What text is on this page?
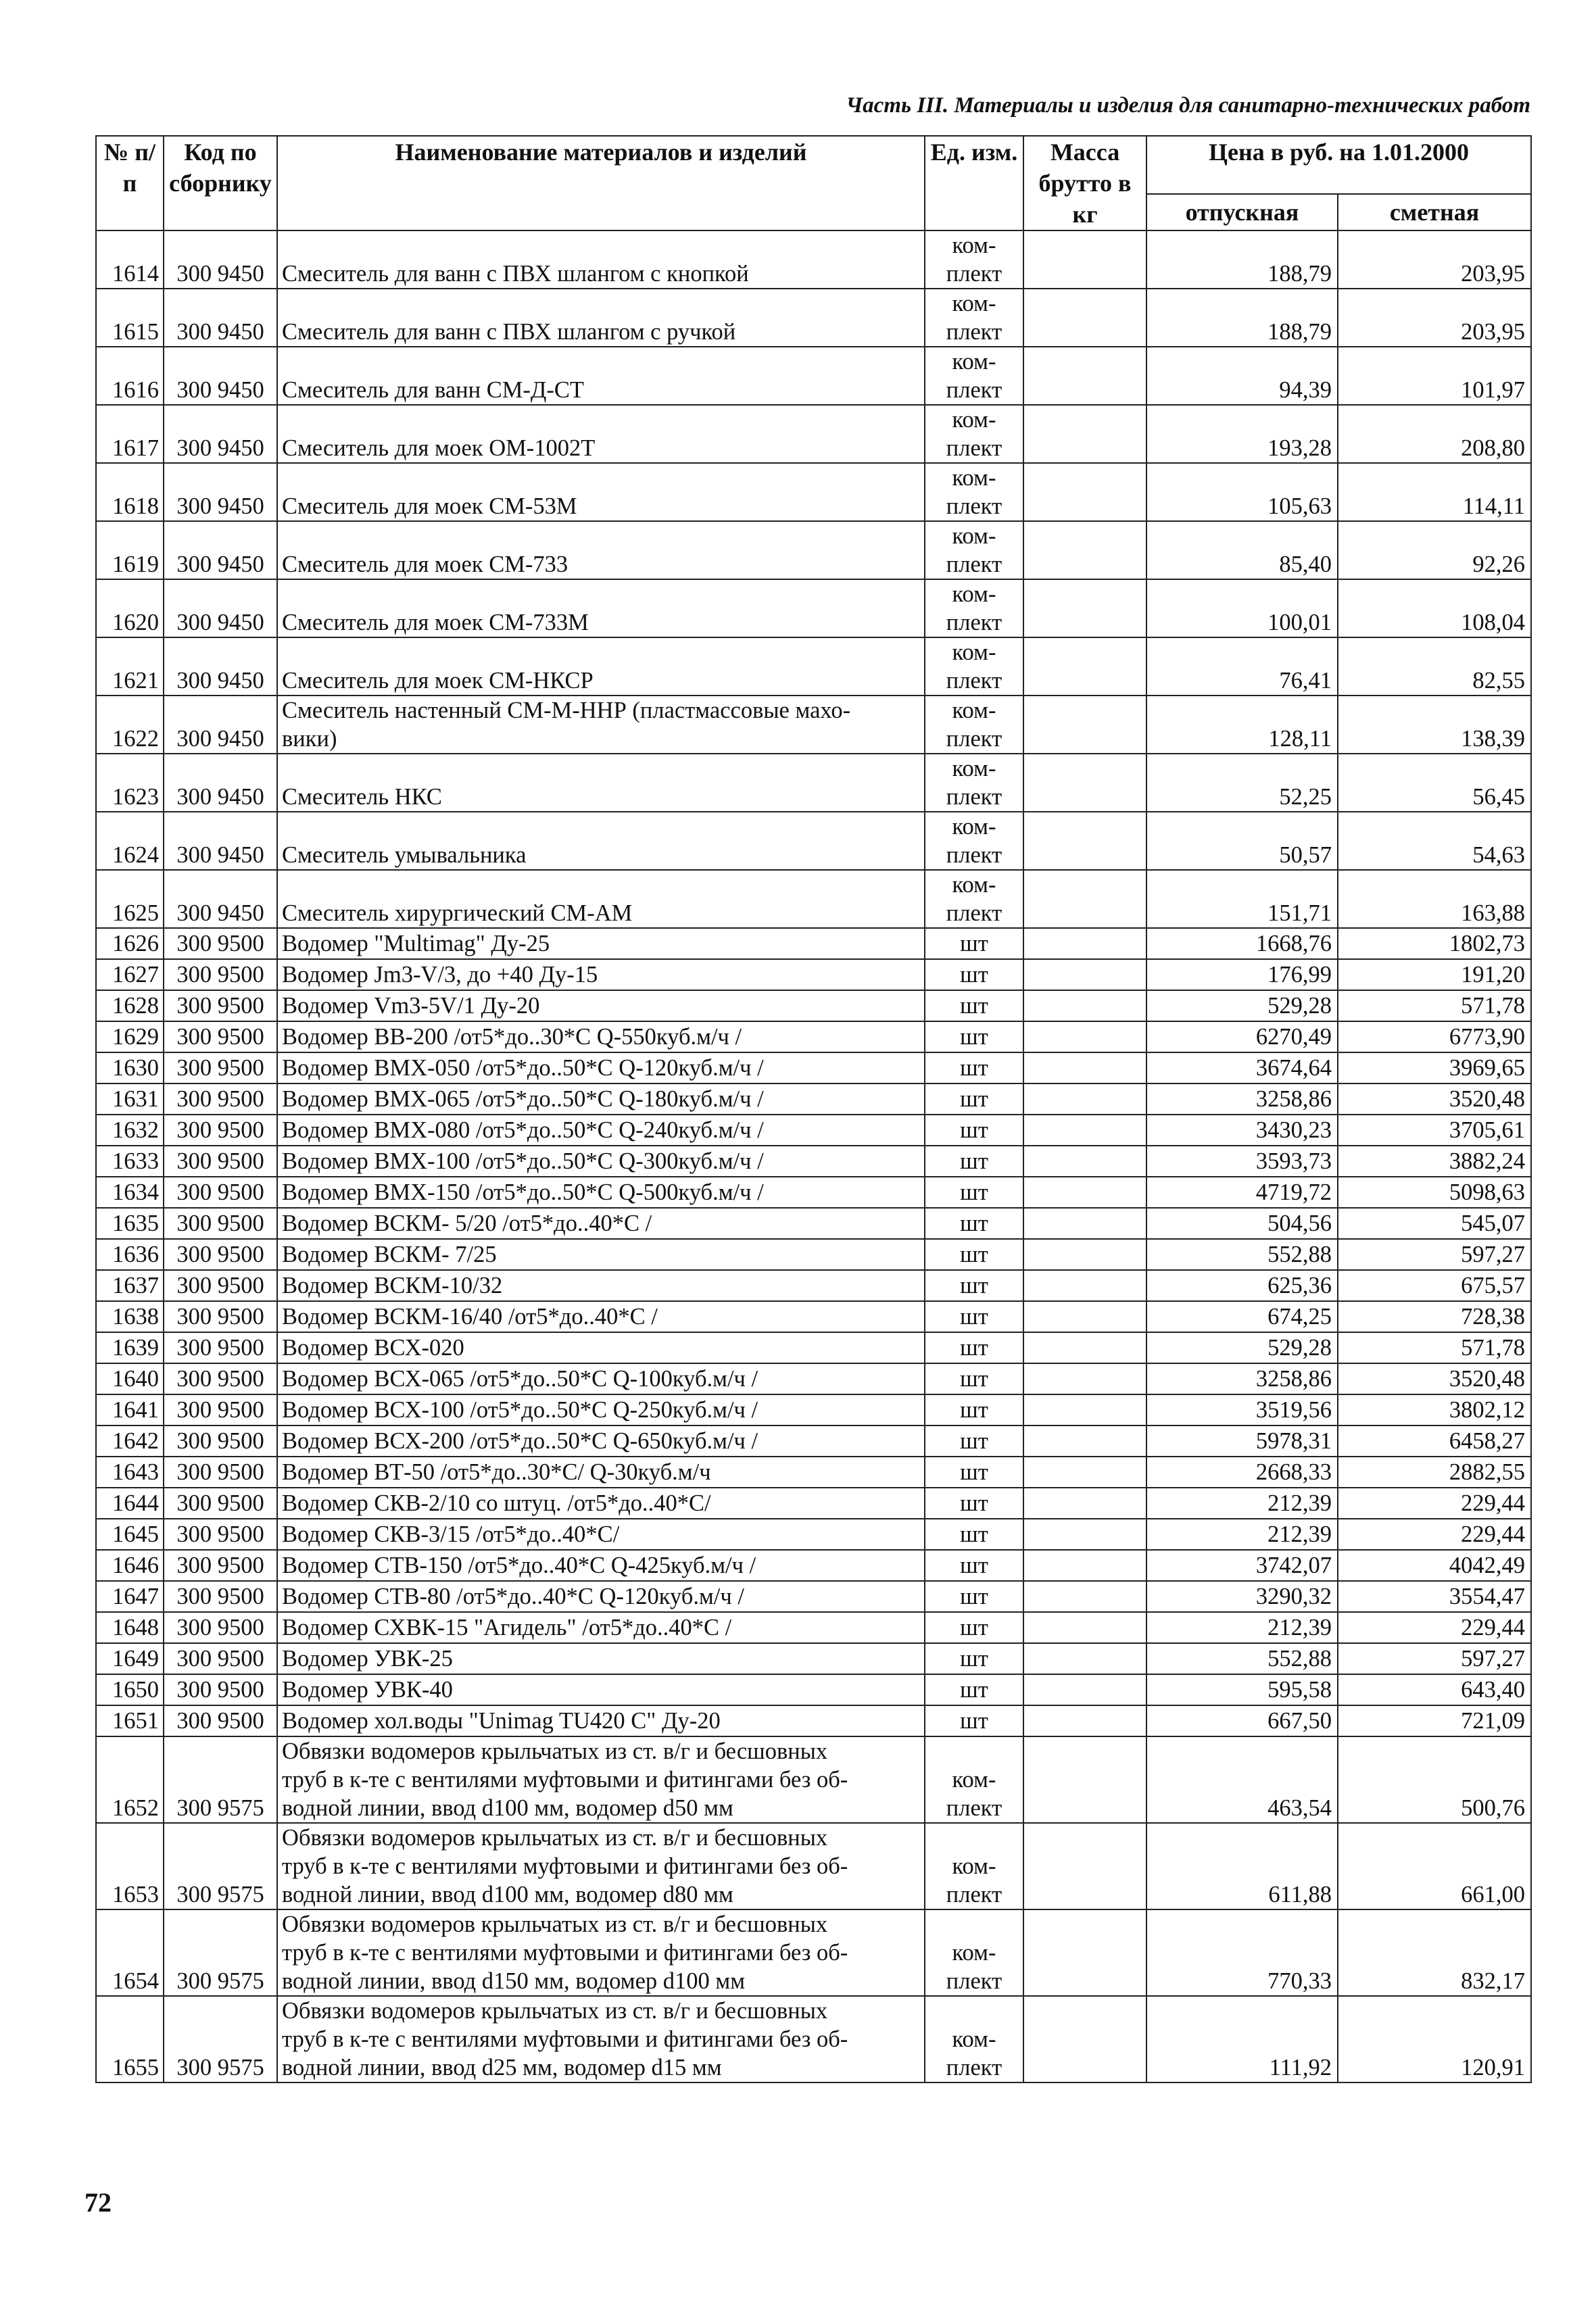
Часть III. Материалы и изделия для санитарно-технических работ
№ п/п	Код по сборнику	Наименование материалов и изделий	Ед. изм.	Масса брутто в кг	Цена в руб. на 1.01.2000	
					отпускная	сметная
1614	300 9450	Смеситель для ванн с ПВХ шлангом с кнопкой	ком-
плект		188,79	203,95
1615	300 9450	Смеситель для ванн с ПВХ шлангом с ручкой	ком-
плект		188,79	203,95
1616	300 9450	Смеситель для ванн СМ-Д-СТ	ком-
плект		94,39	101,97
1617	300 9450	Смеситель для моек ОМ-1002Т	ком-
плект		193,28	208,80
1618	300 9450	Смеситель для моек СМ-53М	ком-
плект		105,63	114,11
1619	300 9450	Смеситель для моек СМ-733	ком-
плект		85,40	92,26
1620	300 9450	Смеситель для моек СМ-733М	ком-
плект		100,01	108,04
1621	300 9450	Смеситель для моек СМ-НКСР	ком-
плект		76,41	82,55
1622	300 9450	Смеситель настенный СМ-М-ННР (пластмассовые махо-
вики)	ком-
плект		128,11	138,39
1623	300 9450	Смеситель НКС	ком-
плект		52,25	56,45
1624	300 9450	Смеситель умывальника	ком-
плект		50,57	54,63
1625	300 9450	Смеситель хирургический СМ-АМ	ком-
плект		151,71	163,88
1626	300 9500	Водомер "Multimag" Ду-25	шт		1668,76	1802,73
1627	300 9500	Водомер Jm3-V/3, до +40 Ду-15	шт		176,99	191,20
1628	300 9500	Водомер Vm3-5V/1 Ду-20	шт		529,28	571,78
1629	300 9500	Водомер ВВ-200 /от5*до..30*С Q-550куб.м/ч /	шт		6270,49	6773,90
1630	300 9500	Водомер ВМХ-050 /от5*до..50*С Q-120куб.м/ч /	шт		3674,64	3969,65
1631	300 9500	Водомер ВМХ-065 /от5*до..50*С Q-180куб.м/ч /	шт		3258,86	3520,48
1632	300 9500	Водомер ВМХ-080 /от5*до..50*С Q-240куб.м/ч /	шт		3430,23	3705,61
1633	300 9500	Водомер ВМХ-100 /от5*до..50*С Q-300куб.м/ч /	шт		3593,73	3882,24
1634	300 9500	Водомер ВМХ-150 /от5*до..50*С Q-500куб.м/ч /	шт		4719,72	5098,63
1635	300 9500	Водомер ВСКМ- 5/20 /от5*до..40*С /	шт		504,56	545,07
1636	300 9500	Водомер ВСКМ- 7/25	шт		552,88	597,27
1637	300 9500	Водомер ВСКМ-10/32	шт		625,36	675,57
1638	300 9500	Водомер ВСКМ-16/40 /от5*до..40*С /	шт		674,25	728,38
1639	300 9500	Водомер ВСХ-020	шт		529,28	571,78
1640	300 9500	Водомер ВСХ-065 /от5*до..50*С Q-100куб.м/ч /	шт		3258,86	3520,48
1641	300 9500	Водомер ВСХ-100 /от5*до..50*С Q-250куб.м/ч /	шт		3519,56	3802,12
1642	300 9500	Водомер ВСХ-200 /от5*до..50*С Q-650куб.м/ч /	шт		5978,31	6458,27
1643	300 9500	Водомер ВТ-50 /от5*до..30*С/ Q-30куб.м/ч	шт		2668,33	2882,55
1644	300 9500	Водомер СКВ-2/10 со штуц. /от5*до..40*С/	шт		212,39	229,44
1645	300 9500	Водомер СКВ-3/15 /от5*до..40*С/	шт		212,39	229,44
1646	300 9500	Водомер СТВ-150 /от5*до..40*С Q-425куб.м/ч /	шт		3742,07	4042,49
1647	300 9500	Водомер СТВ-80 /от5*до..40*С Q-120куб.м/ч /	шт		3290,32	3554,47
1648	300 9500	Водомер СХВК-15 "Агидель" /от5*до..40*С /	шт		212,39	229,44
1649	300 9500	Водомер УВК-25	шт		552,88	597,27
1650	300 9500	Водомер УВК-40	шт		595,58	643,40
1651	300 9500	Водомер хол.воды "Unimag TU420 C" Ду-20	шт		667,50	721,09
1652	300 9575	Обвязки водомеров крыльчатых из ст. в/г и бесшовных
труб в к-те с вентилями муфтовыми и фитингами без об-
водной линии, ввод d100 мм, водомер d50 мм	ком-
плект		463,54	500,76
1653	300 9575	Обвязки водомеров крыльчатых из ст. в/г и бесшовных
труб в к-те с вентилями муфтовыми и фитингами без об-
водной линии, ввод d100 мм, водомер d80 мм	ком-
плект		611,88	661,00
1654	300 9575	Обвязки водомеров крыльчатых из ст. в/г и бесшовных
труб в к-те с вентилями муфтовыми и фитингами без об-
водной линии, ввод d150 мм, водомер d100 мм	ком-
плект		770,33	832,17
1655	300 9575	Обвязки водомеров крыльчатых из ст. в/г и бесшовных
труб в к-те с вентилями муфтовыми и фитингами без об-
водной линии, ввод d25 мм, водомер d15 мм	ком-
плект		111,92	120,91
72
